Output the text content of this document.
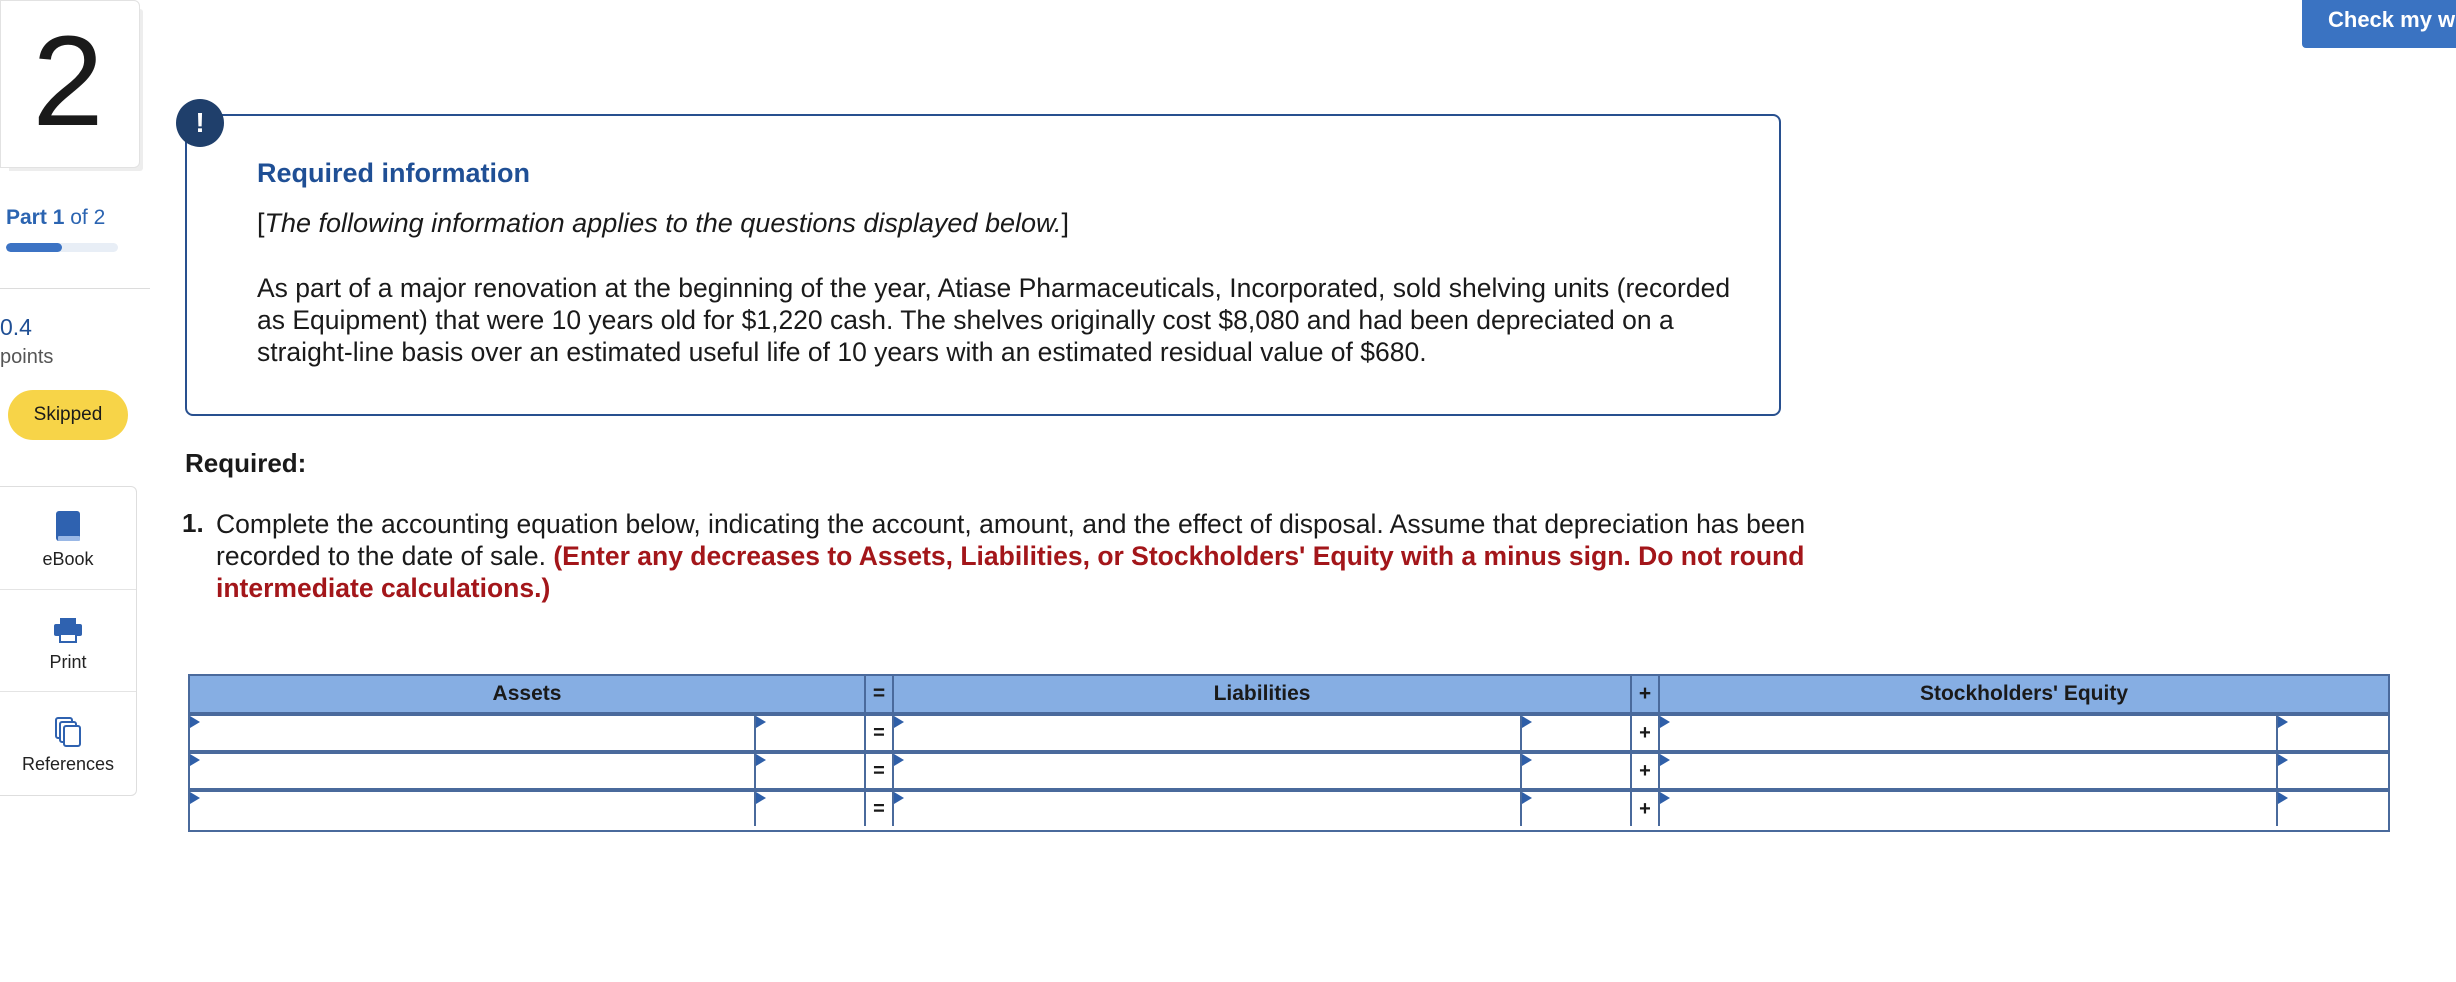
2
Part 1 of 2
0.4
points
Skipped
eBook
Print
References
Check my w
!
Required information
[The following information applies to the questions displayed below.]
As part of a major renovation at the beginning of the year, Atiase Pharmaceuticals, Incorporated, sold shelving units (recorded as Equipment) that were 10 years old for $1,220 cash. The shelves originally cost $8,080 and had been depreciated on a straight-line basis over an estimated useful life of 10 years with an estimated residual value of $680.
Required:
1. Complete the accounting equation below, indicating the account, amount, and the effect of disposal. Assume that depreciation has been recorded to the date of sale. (Enter any decreases to Assets, Liabilities, or Stockholders' Equity with a minus sign. Do not round intermediate calculations.)
Assets	=	Liabilities	+	Stockholders' Equity
=	+
=	+
=	+
